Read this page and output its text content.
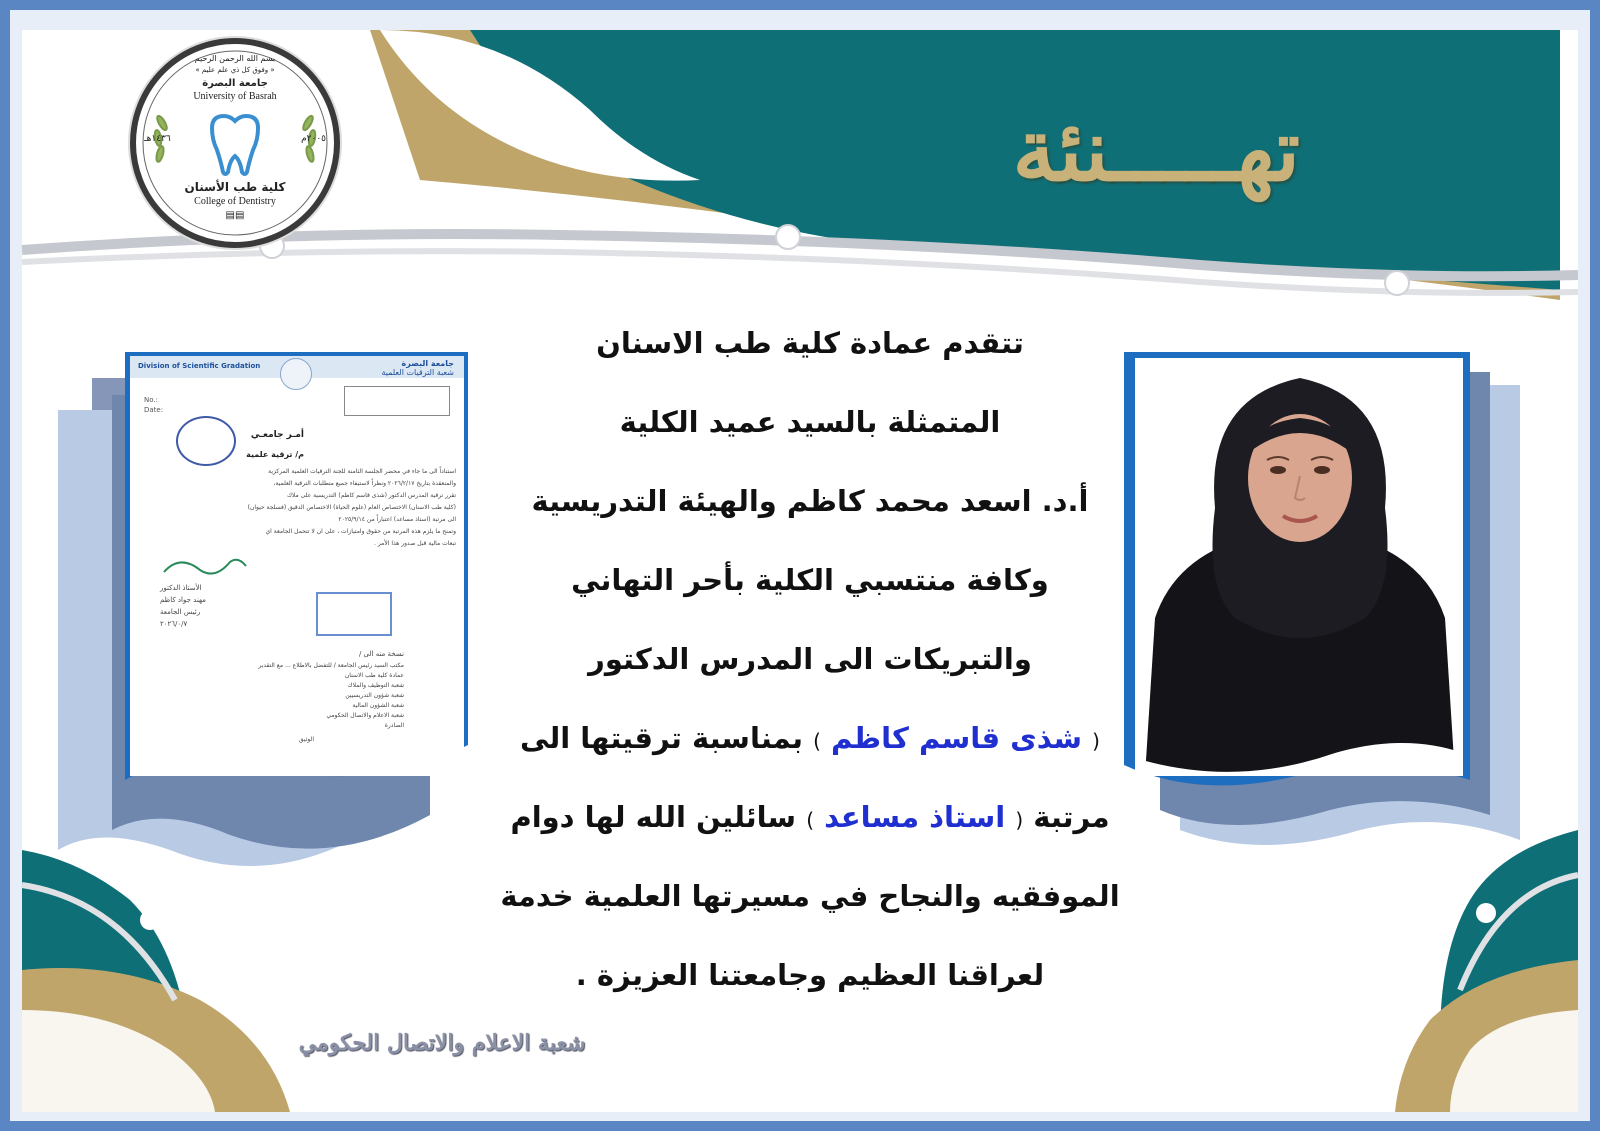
تهـــــنئة
بسم الله الرحمن الرحيم
« وفوق كل ذي علم عليم »
جامعة البصرة
University of Basrah
١٤٣٦هـ	٢٠٠٥م
كلية طب الأسنان
College of Dentistry
▤▤
Division of Scientific Gradation	جامعة البصرة
شعبة الترقيات العلمية
No.:
Date:
أمـر جامعـي
م/ ترقية علمية
استناداً الى ما جاء في محضر الجلسة الثامنة للجنة الترقيات العلمية المركزية
والمنعقدة بتاريخ ٢٠٢٦/٢/١٧ ونظراً لاستيفاء جميع متطلبات الترقية العلمية،
تقرر ترقية المدرس الدكتور (شذى قاسم كاظم) التدريسية على ملاك
(كلية طب الاسنان) الاختصاص العام (علوم الحياة) الاختصاص الدقيق (فسلجة حيوان)
الى مرتبة (استاذ مساعد) اعتباراً من ٢٠٢٥/٩/١٤
وتمنح ما يلزم هذه المرتبة من حقوق وامتيازات ، على ان لا تتحمل الجامعة اي
تبعات مالية قبل صدور هذا الأمر .
الأستاذ الدكتور
مهند جواد كاظم
رئيس الجامعة
٢٠٢٦/٠/٧
نسخة منه الى /
مكتب السيد رئيس الجامعة / للتفضل بالاطلاع ... مع التقدير
عمادة كلية طب الاسنان
شعبة التوظيف والملاك
شعبة شؤون التدريسيين
شعبة الشؤون المالية
شعبة الاعلام والاتصال الحكومي
الصادرة
الوثيق
تتقدم عمادة كلية طب الاسنان
المتمثلة بالسيد عميد الكلية
أ.د. اسعد محمد كاظم والهيئة التدريسية
وكافة منتسبي الكلية بأحر التهاني
والتبريكات الى المدرس الدكتور
( شذى قاسم كاظم ) بمناسبة ترقيتها الى
مرتبة ( استاذ مساعد ) سائلين الله لها دوام
الموفقيه والنجاح في مسيرتها العلمية خدمة
لعراقنا العظيم وجامعتنا العزيزة .
شعبة الاعلام والاتصال الحكومي
